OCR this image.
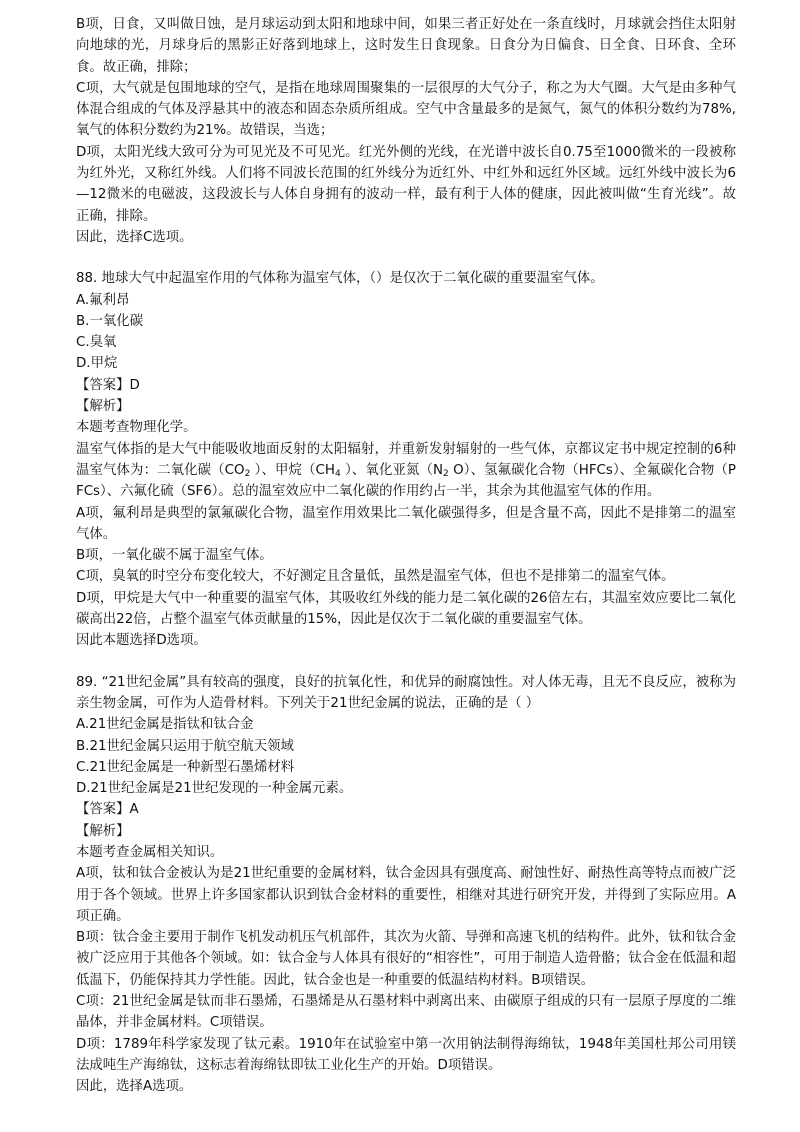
B项，日食，又叫做日蚀，是月球运动到太阳和地球中间，如果三者正好处在一条直线时，月球就会挡住太阳射向地球的光，月球身后的黑影正好落到地球上，这时发生日食现象。日食分为日偏食、日全食、日环食、全环食。故正确，排除；

C项，大气就是包围地球的空气，是指在地球周围聚集的一层很厚的大气分子，称之为大气圈。大气是由多种气体混合组成的气体及浮悬其中的液态和固态杂质所组成。空气中含量最多的是氮气，氮气的体积分数约为78%,氧气的体积分数约为21%。故错误，当选；

D项，太阳光线大致可分为可见光及不可见光。红光外侧的光线，在光谱中波长自0.75至1000微米的一段被称为红外光，又称红外线。人们将不同波长范围的红外线分为近红外、中红外和远红外区域。远红外线中波长为6—12微米的电磁波，这段波长与人体自身拥有的波动一样，最有利于人体的健康，因此被叫做“生育光线”。故正确，排除。

因此，选择C选项。

88. 地球大气中起温室作用的气体称为温室气体，（）是仅次于二氧化碳的重要温室气体。

A.氟利昂

B.一氧化碳

C.臭氧

D.甲烷

【答案】D

【解析】

本题考查物理化学。

温室气体指的是大气中能吸收地面反射的太阳辐射，并重新发射辐射的一些气体，京都议定书中规定控制的6种温室气体为：二氧化碳（$CO_2$ ）、甲烷（$CH_4$ ）、氧化亚氮（$N_2$ O）、氢氟碳化合物（HFCs）、全氟碳化合物（PFCs）、六氟化硫（SF6）。总的温室效应中二氧化碳的作用约占一半，其余为其他温室气体的作用。

A项，氟利昂是典型的氯氟碳化合物，温室作用效果比二氧化碳强得多，但是含量不高，因此不是排第二的温室气体。

B项，一氧化碳不属于温室气体。

C项，臭氧的时空分布变化较大，不好测定且含量低，虽然是温室气体，但也不是排第二的温室气体。

D项，甲烷是大气中一种重要的温室气体，其吸收红外线的能力是二氧化碳的26倍左右，其温室效应要比二氧化碳高出22倍，占整个温室气体贡献量的15%，因此是仅次于二氧化碳的重要温室气体。

因此本题选择D选项。

89. “21世纪金属”具有较高的强度，良好的抗氧化性，和优异的耐腐蚀性。对人体无毒，且无不良反应，被称为亲生物金属，可作为人造骨材料。下列关于21世纪金属的说法，正确的是（ ）

A.21世纪金属是指钛和钛合金

B.21世纪金属只运用于航空航天领域

C.21世纪金属是一种新型石墨烯材料

D.21世纪金属是21世纪发现的一种金属元素。

【答案】A

【解析】

本题考查金属相关知识。

A项，钛和钛合金被认为是21世纪重要的金属材料，钛合金因具有强度高、耐蚀性好、耐热性高等特点而被广泛用于各个领域。世界上许多国家都认识到钛合金材料的重要性，相继对其进行研究开发，并得到了实际应用。A项正确。

B项：钛合金主要用于制作飞机发动机压气机部件，其次为火箭、导弹和高速飞机的结构件。此外，钛和钛合金被广泛应用于其他各个领域。如：钛合金与人体具有很好的“相容性”，可用于制造人造骨骼；钛合金在低温和超低温下，仍能保持其力学性能。因此，钛合金也是一种重要的低温结构材料。B项错误。

C项：21世纪金属是钛而非石墨烯，石墨烯是从石墨材料中剥离出来、由碳原子组成的只有一层原子厚度的二维晶体，并非金属材料。C项错误。

D项：1789年科学家发现了钛元素。1910年在试验室中第一次用钠法制得海绵钛，1948年美国杜邦公司用镁法成吨生产海绵钛，这标志着海绵钛即钛工业化生产的开始。D项错误。

因此，选择A选项。
